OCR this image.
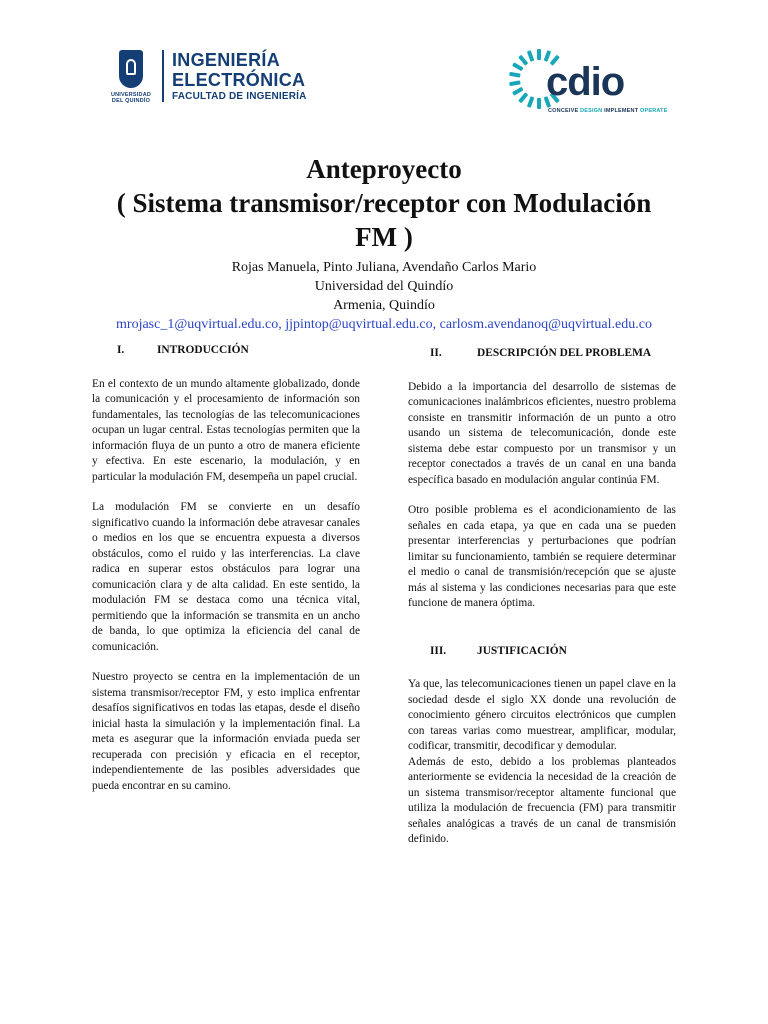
UNIVERSIDAD
DEL QUINDÍO
INGENIERÍA
ELECTRÓNICA
FACULTAD DE INGENIERÍA	cdio
CONCEIVE DESIGN IMPLEMENT OPERATE
Anteproyecto
( Sistema transmisor/receptor con Modulación
FM )
Rojas Manuela, Pinto Juliana, Avendaño Carlos Mario
Universidad del Quindío
Armenia, Quindío
mrojasc_1@uqvirtual.edu.co, jjpintop@uqvirtual.edu.co, carlosm.avendanoq@uqvirtual.edu.co
I.	INTRODUCCIÓN

En el contexto de un mundo altamente globalizado, donde la comunicación y el procesamiento de información son fundamentales, las tecnologías de las telecomunicaciones ocupan un lugar central. Estas tecnologías permiten que la información fluya de un punto a otro de manera eficiente y efectiva. En este escenario, la modulación, y en particular la modulación FM, desempeña un papel crucial.

La modulación FM se convierte en un desafío significativo cuando la información debe atravesar canales o medios en los que se encuentra expuesta a diversos obstáculos, como el ruido y las interferencias. La clave radica en superar estos obstáculos para lograr una comunicación clara y de alta calidad. En este sentido, la modulación FM se destaca como una técnica vital, permitiendo que la información se transmita en un ancho de banda, lo que optimiza la eficiencia del canal de comunicación.

Nuestro proyecto se centra en la implementación de un sistema transmisor/receptor FM, y esto implica enfrentar desafíos significativos en todas las etapas, desde el diseño inicial hasta la simulación y la implementación final. La meta es asegurar que la información enviada pueda ser recuperada con precisión y eficacia en el receptor, independientemente de las posibles adversidades que pueda encontrar en su camino.

II.	DESCRIPCIÓN DEL PROBLEMA

Debido a la importancia del desarrollo de sistemas de comunicaciones inalámbricos eficientes, nuestro problema consiste en transmitir información de un punto a otro usando un sistema de telecomunicación, donde este sistema debe estar compuesto por un transmisor y un receptor conectados a través de un canal en una banda específica basado en modulación angular continúa FM.

Otro posible problema es el acondicionamiento de las señales en cada etapa, ya que en cada una se pueden presentar interferencias y perturbaciones que podrían limitar su funcionamiento, también se requiere determinar el medio o canal de transmisión/recepción que se ajuste más al sistema y las condiciones necesarias para que este funcione de manera óptima.

III.	JUSTIFICACIÓN

Ya que, las telecomunicaciones tienen un papel clave en la sociedad desde el siglo XX donde una revolución de conocimiento género circuitos electrónicos que cumplen con tareas varias como muestrear, amplificar, modular, codificar, transmitir, decodificar y demodular.

Además de esto, debido a los problemas planteados anteriormente se evidencia la necesidad de la creación de un sistema transmisor/receptor altamente funcional que utiliza la modulación de frecuencia (FM) para transmitir señales analógicas a través de un canal de transmisión definido.
